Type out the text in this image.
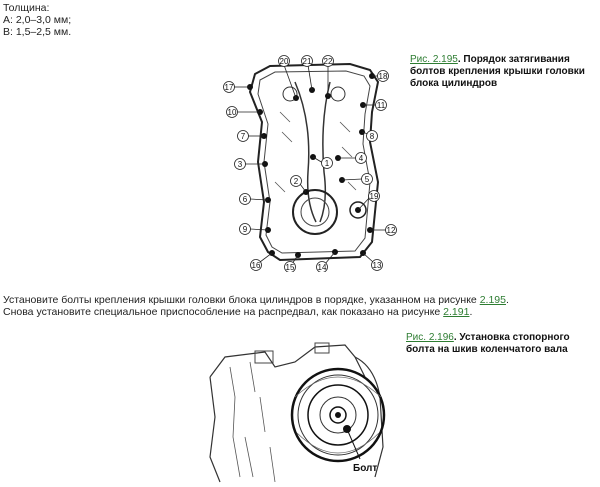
Толщина:
А: 2,0–3,0 мм;
В: 1,5–2,5 мм.
1
2
3
4
5
6
7	8
9
10
11
12
13
14
15
16
17
18
19
20 21 22	Рис. 2.195. Порядок затягивания болтов крепления крышки головки блока цилиндров
Установите болты крепления крышки головки блока цилиндров в порядке, указанном на рисунке 2.195.
Снова установите специальное приспособление на распредвал, как показано на рисунке 2.191.
Болт
Рис. 2.196. Установка стопорного болта на шкив коленчатого вала
